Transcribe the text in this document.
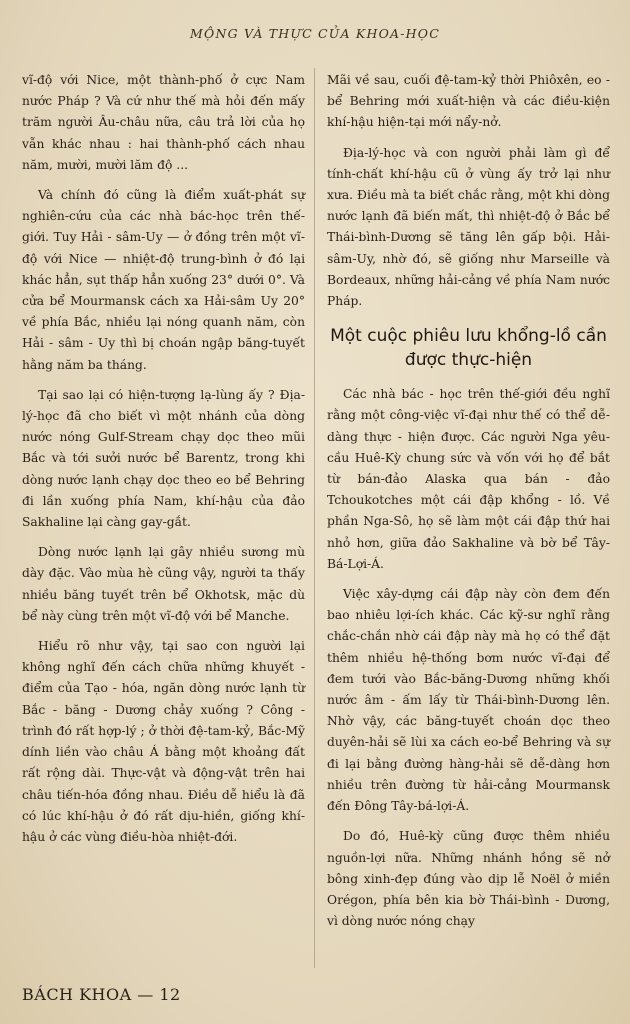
MỘNG VÀ THỰC CỦA KHOA-HỌC

vĩ-độ với Nice, một thành-phố ở cực Nam nước Pháp ? Và cứ như thế mà hỏi đến mấy trăm người Âu-châu nữa, câu trả lời của họ vẫn khác nhau : hai thành-phố cách nhau năm, mười, mười lăm độ ...

Và chính đó cũng là điểm xuất-phát sự nghiên-cứu của các nhà bác-học trên thế-giới. Tuy Hải - sâm-Uy — ở đồng trên một vĩ-độ với Nice — nhiệt-độ trung-bình ở đó lại khác hẳn, sụt thấp hẳn xuống 23° dưới 0°. Và cửa bể Mourmansk cách xa Hải-sâm Uy 20° về phía Bắc, nhiều lại nóng quanh năm, còn Hải - sâm - Uy thì bị choán ngập băng-tuyết hằng năm ba tháng.

Tại sao lại có hiện-tượng lạ-lùng ấy ? Địa-lý-học đã cho biết vì một nhánh của dòng nước nóng Gulf-Stream chạy dọc theo mũi Bắc và tới sưởi nước bể Barentz, trong khi dòng nước lạnh chạy dọc theo eo bể Behring đi lần xuống phía Nam, khí-hậu của đảo Sakhaline lại càng gay-gắt.

Dòng nước lạnh lại gây nhiều sương mù dày đặc. Vào mùa hè cũng vậy, người ta thấy nhiều băng tuyết trên bể Okhotsk, mặc dù bể này cùng trên một vĩ-độ với bể Manche.

Hiểu rõ như vậy, tại sao con người lại không nghĩ đến cách chữa những khuyết - điểm của Tạo - hóa, ngăn dòng nước lạnh từ Bắc - băng - Dương chảy xuống ? Công - trình đó rất hợp-lý ; ở thời đệ-tam-kỷ, Bắc-Mỹ dính liền vào châu Á bằng một khoảng đất rất rộng dài. Thực-vật và động-vật trên hai châu tiến-hóa đồng nhau. Điều dễ hiểu là đã có lúc khí-hậu ở đó rất dịu-hiền, giống khí-hậu ở các vùng điều-hòa nhiệt-đới.

Mãi về sau, cuối đệ-tam-kỷ thời Phiôxên, eo - bể Behring mới xuất-hiện và các điều-kiện khí-hậu hiện-tại mới nẩy-nở.

Địa-lý-học và con người phải làm gì để tính-chất khí-hậu cũ ở vùng ấy trở lại như xưa. Điều mà ta biết chắc rằng, một khi dòng nước lạnh đã biến mất, thì nhiệt-độ ở Bắc bể Thái-bình-Dương sẽ tăng lên gấp bội. Hải-sâm-Uy, nhờ đó, sẽ giống như Marseille và Bordeaux, những hải-cảng về phía Nam nước Pháp.

Một cuộc phiêu lưu khổng-lồ cần được thực-hiện

Các nhà bác - học trên thế-giới đều nghĩ rằng một công-việc vĩ-đại như thế có thể dễ-dàng thực - hiện được. Các người Nga yêu-cầu Huê-Kỳ chung sức và vốn với họ để bắt từ bán-đảo Alaska qua bán - đảo Tchoukotches một cái đập khổng - lồ. Về phần Nga-Sô, họ sẽ làm một cái đập thứ hai nhỏ hơn, giữa đảo Sakhaline và bờ bể Tây-Bá-Lợi-Á.

Việc xây-dựng cái đập này còn đem đến bao nhiêu lợi-ích khác. Các kỹ-sư nghĩ rằng chắc-chắn nhờ cái đập này mà họ có thể đặt thêm nhiều hệ-thống bơm nước vĩ-đại để đem tưới vào Bắc-băng-Dương những khối nước âm - ấm lấy từ Thái-bình-Dương lên. Nhờ vậy, các băng-tuyết choán dọc theo duyên-hải sẽ lùi xa cách eo-bể Behring và sự đi lại bằng đường hàng-hải sẽ dễ-dàng hơn nhiều trên đường từ hải-cảng Mourmansk đến Đông Tây-bá-lợi-Á.

Do đó, Huê-kỳ cũng được thêm nhiều nguồn-lợi nữa. Những nhánh hồng sẽ nở bông xinh-đẹp đúng vào dịp lễ Noël ở miền Orégon, phía bên kia bờ Thái-bình - Dương, vì dòng nước nóng chạy

BÁCH KHOA — 12
